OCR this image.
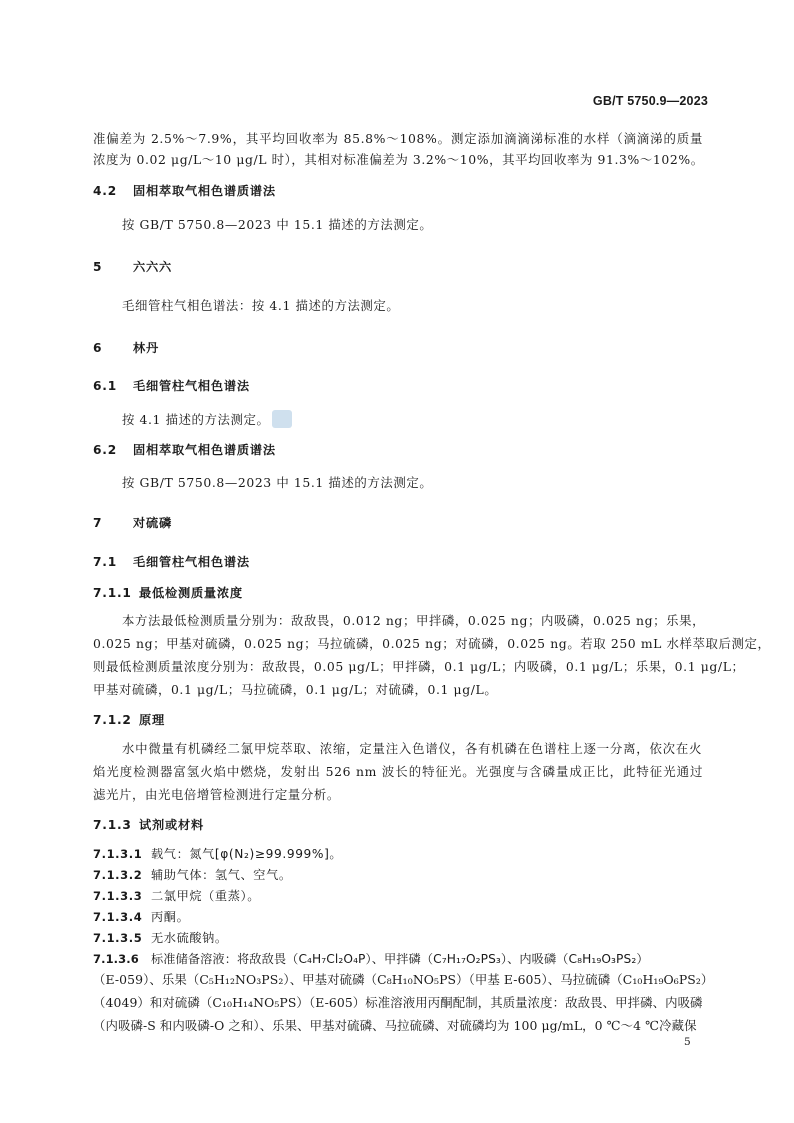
GB/T 5750.9—2023
准偏差为 2.5%～7.9%，其平均回收率为 85.8%～108%。测定添加滴滴涕标准的水样（滴滴涕的质量
浓度为 0.02 μg/L～10 μg/L 时），其相对标准偏差为 3.2%～10%，其平均回收率为 91.3%～102%。
4.2 固相萃取气相色谱质谱法
按 GB/T 5750.8—2023 中 15.1 描述的方法测定。
5	六六六
毛细管柱气相色谱法：按 4.1 描述的方法测定。
6	林丹
6.1 毛细管柱气相色谱法
按 4.1 描述的方法测定。
6.2 固相萃取气相色谱质谱法
按 GB/T 5750.8—2023 中 15.1 描述的方法测定。
7	对硫磷
7.1 毛细管柱气相色谱法
7.1.1 最低检测质量浓度
本方法最低检测质量分别为：敌敌畏，0.012 ng；甲拌磷，0.025 ng；内吸磷，0.025 ng；乐果，
0.025 ng；甲基对硫磷，0.025 ng；马拉硫磷，0.025 ng；对硫磷，0.025 ng。若取 250 mL 水样萃取后测定，
则最低检测质量浓度分别为：敌敌畏，0.05 μg/L；甲拌磷，0.1 μg/L；内吸磷，0.1 μg/L；乐果，0.1 μg/L；
甲基对硫磷，0.1 μg/L；马拉硫磷，0.1 μg/L；对硫磷，0.1 μg/L。
7.1.2 原理
水中微量有机磷经二氯甲烷萃取、浓缩，定量注入色谱仪，各有机磷在色谱柱上逐一分离，依次在火
焰光度检测器富氢火焰中燃烧，发射出 526 nm 波长的特征光。光强度与含磷量成正比，此特征光通过
滤光片，由光电倍增管检测进行定量分析。
7.1.3 试剂或材料
7.1.3.1 载气：氮气[φ(N₂)≥99.999%]。
7.1.3.2 辅助气体：氢气、空气。
7.1.3.3 二氯甲烷（重蒸）。
7.1.3.4 丙酮。
7.1.3.5 无水硫酸钠。
7.1.3.6 标准储备溶液：将敌敌畏（C₄H₇Cl₂O₄P）、甲拌磷（C₇H₁₇O₂PS₃）、内吸磷（C₈H₁₉O₃PS₂）
（E-059）、乐果（C₅H₁₂NO₃PS₂）、甲基对硫磷（C₈H₁₀NO₅PS）（甲基 E-605）、马拉硫磷（C₁₀H₁₉O₆PS₂）
（4049）和对硫磷（C₁₀H₁₄NO₅PS）（E-605）标准溶液用丙酮配制，其质量浓度：敌敌畏、甲拌磷、内吸磷
（内吸磷-S 和内吸磷-O 之和）、乐果、甲基对硫磷、马拉硫磷、对硫磷均为 100 μg/mL，0 ℃～4 ℃冷藏保
5
